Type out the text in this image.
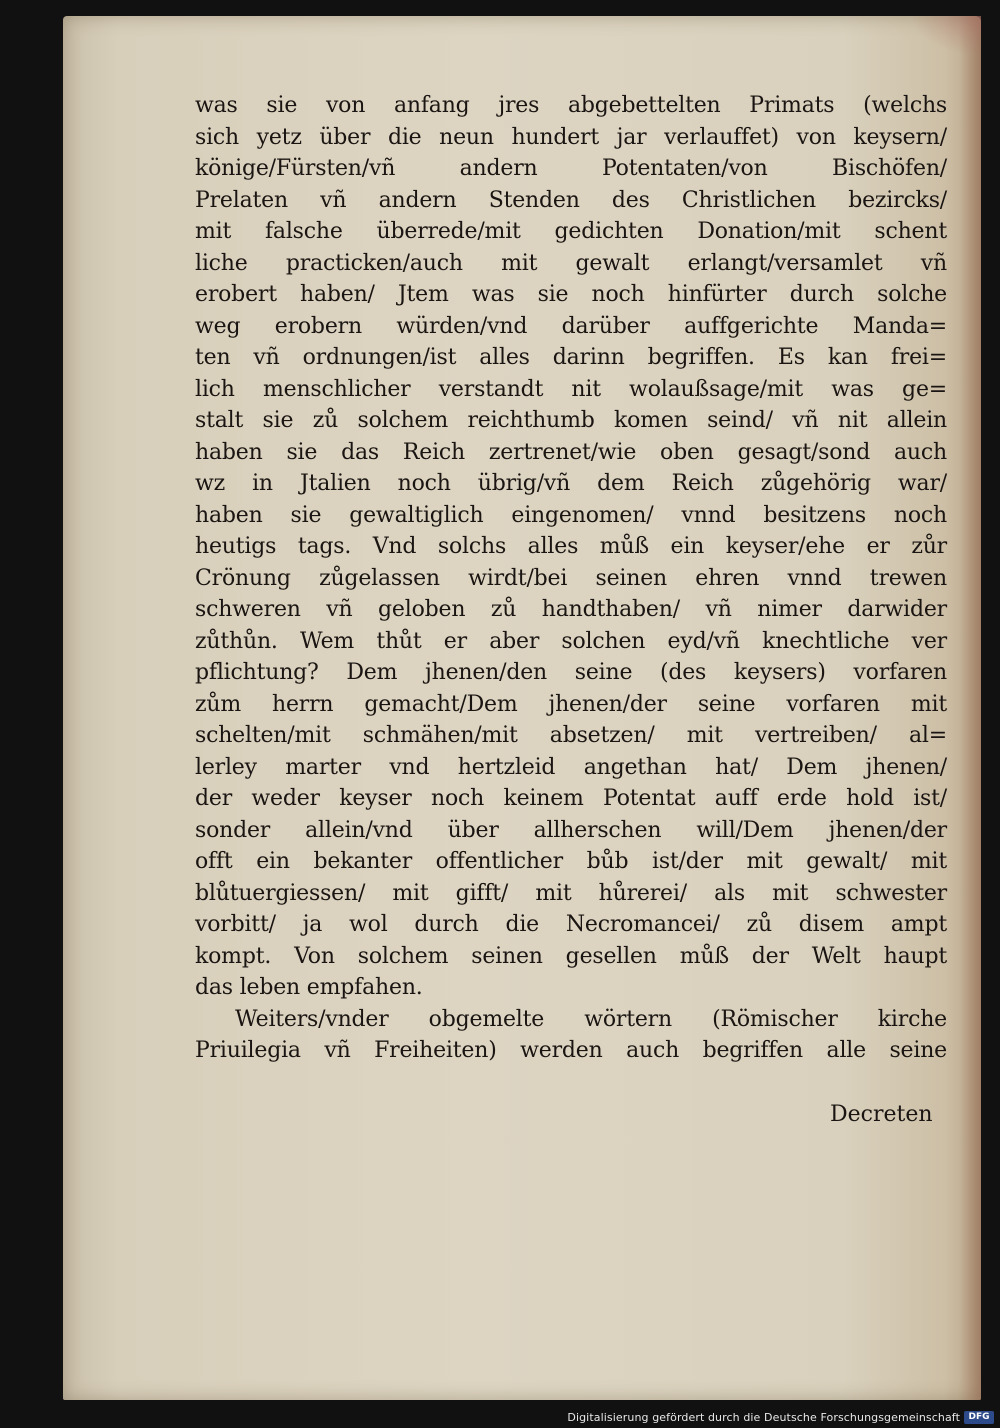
was sie von anfang jres abgebettelten Primats (welchs
sich yetz über die neun hundert jar verlauffet) von keysern/
könige/Fürsten/vñ andern Potentaten/von Bischöfen/
Prelaten vñ andern Stenden des Christlichen bezircks/
mit falsche überrede/mit gedichten Donation/mit schent
liche practicken/auch mit gewalt erlangt/versamlet vñ
erobert haben/ Jtem was sie noch hinfürter durch solche
weg erobern würden/vnd darüber auffgerichte Manda=
ten vñ ordnungen/ist alles darinn begriffen. Es kan frei=
lich menschlicher verstandt nit wolaußsage/mit was ge=
stalt sie zů solchem reichthumb komen seind/ vñ nit allein
haben sie das Reich zertrenet/wie oben gesagt/sond auch
wz in Jtalien noch übrig/vñ dem Reich zůgehörig war/
haben sie gewaltiglich eingenomen/ vnnd besitzens noch
heutigs tags. Vnd solchs alles můß ein keyser/ehe er zůr
Crönung zůgelassen wirdt/bei seinen ehren vnnd trewen
schweren vñ geloben zů handthaben/ vñ nimer darwider
zůthůn. Wem thůt er aber solchen eyd/vñ knechtliche ver
pflichtung? Dem jhenen/den seine (des keysers) vorfaren
zům herrn gemacht/Dem jhenen/der seine vorfaren mit
schelten/mit schmähen/mit absetzen/ mit vertreiben/ al=
lerley marter vnd hertzleid angethan hat/ Dem jhenen/
der weder keyser noch keinem Potentat auff erde hold ist/
sonder allein/vnd über allherschen will/Dem jhenen/der
offt ein bekanter offentlicher bůb ist/der mit gewalt/ mit
blůtuergiessen/ mit gifft/ mit hůrerei/ als mit schwester
vorbitt/ ja wol durch die Necromancei/ zů disem ampt
kompt. Von solchem seinen gesellen můß der Welt haupt
das leben empfahen.
Weiters/vnder obgemelte wörtern (Römischer kirche
Priuilegia vñ Freiheiten) werden auch begriffen alle seine
Decreten
Digitalisierung gefördert durch die Deutsche Forschungsgemeinschaft DFG
